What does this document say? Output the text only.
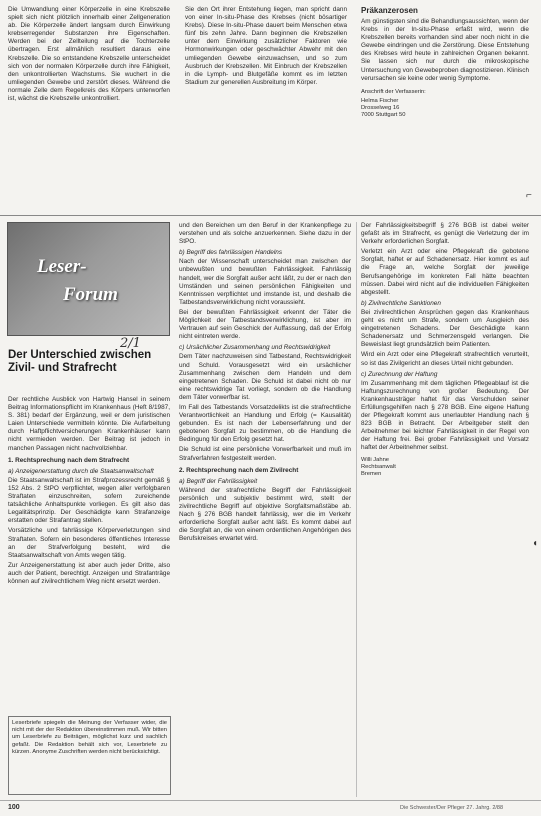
Die Umwandlung einer Körperzelle in eine Krebszelle spielt sich nicht plötzlich innerhalb einer Zellgeneration ab. Die Körperzelle ändert langsam durch Einwirkung krebserregender Substanzen ihre Eigenschaften. Werden bei der Zellteilung auf die Tochterzelle übertragen. Erst allmählich resultiert daraus eine Krebszelle. Die so entstandene Krebszelle unterscheidet sich von der normalen Körperzelle durch ihre Fähigkeit, den unkontrollierten Wachstums. Sie wuchert in die umliegenden Gewebe und zerstört dieses. Während die normale Zelle dem Regelkreis des Körpers unterworfen ist, wächst die Krebszelle unkontrolliert.
Sie den Ort ihrer Entstehung liegen, man spricht dann von einer In-situ-Phase des Krebses (nicht bösartiger Krebs). Diese In-situ-Phase dauert beim Menschen etwa fünf bis zehn Jahre. Dann beginnen die Krebszellen unter dem Einwirkung zusätzlicher Faktoren wie Hormonwirkungen oder geschwächter Abwehr mit den umliegenden Gewebe einzuwachsen, und so zum Ausbruch der Krebszellen. Mit Einbruch der Krebszellen in die Lymph- und Blutgefäße kommt es im letzten Stadium zur generellen Ausbreitung im Körper.
Präkanzerosen

Am günstigsten sind die Behandlungsaussichten, wenn der Krebs in der In-situ-Phase erfaßt wird, wenn die Krebszellen bereits vorhanden sind aber noch nicht in die Gewebe eindringen und die Zerstörung. Diese Entstehung des Krebses wird heute in zahlreichen Organen bekannt. Sie lassen sich nur durch die mikroskopische Untersuchung von Gewebeproben diagnostizieren. Klinisch verursachen sie keine oder wenig Symptome.

Anschrift der Verfasserin:

Helma Fischer
Drosselweg 16
7000 Stuttgart 50
⌐
Leser-
Forum
2/1
Der Unterschied zwischen Zivil- und Strafrecht

Der rechtliche Ausblick von Hartwig Hansel in seinem Beitrag Informationspflicht im Krankenhaus (Heft 8/1987, S. 381) bedarf der Ergänzung, weil er dem juristischen Laien Unterschiede vermitteln könnte. Die Aufarbeitung durch Haftpflichtversicherungen Krankenhäuser kann nicht vermieden werden. Der Beitrag ist jedoch in manchen Passagen nicht nachvollziehbar.

1. Rechtsprechung nach dem Strafrecht
a) Anzeigenerstattung durch die Staatsanwaltschaft

Die Staatsanwaltschaft ist im Strafprozessrecht gemäß § 152 Abs. 2 StPO verpflichtet, wegen aller verfolgbaren Straftaten einzuschreiten, sofern zureichende tatsächliche Anhaltspunkte vorliegen. Es gilt also das Legalitätsprinzip. Der Geschädigte kann Strafanzeige erstatten oder Strafantrag stellen.

Vorsätzliche und fahrlässige Körperverletzungen sind Straftaten. Sofern ein besonderes öffentliches Interesse an der Strafverfolgung besteht, wird die Staatsanwaltschaft von Amts wegen tätig.

Zur Anzeigenerstattung ist aber auch jeder Dritte, also auch der Patient, berechtigt. Anzeigen und Strafanträge können auf zivilrechtlichem Weg nicht ersetzt werden.

Leserbriefe spiegeln die Meinung der Verfasser wider, die nicht mit der der Redaktion übereinstimmen muß. Wir bitten um Leserbriefe zu Beiträgen, möglichst kurz und sachlich gefaßt. Die Redaktion behält sich vor, Leserbriefe zu kürzen. Anonyme Zuschriften werden nicht berücksichtigt.

und den Bereichen um den Beruf in der Krankenpflege zu verstehen und als solche anzuerkennen. Siehe dazu in der StPO.

b) Begriff des fahrlässigen Handelns

Nach der Wissenschaft unterscheidet man zwischen der unbewußten und bewußten Fahrlässigkeit. Fahrlässig handelt, wer die Sorgfalt außer acht läßt, zu der er nach den Umständen und seinen persönlichen Fähigkeiten und Kenntnissen verpflichtet und imstande ist, und deshalb die Tatbestandsverwirklichung nicht voraussieht.

Bei der bewußten Fahrlässigkeit erkennt der Täter die Möglichkeit der Tatbestandsverwirklichung, ist aber im Vertrauen auf sein Geschick der Auffassung, daß der Erfolg nicht eintreten werde.

c) Ursächlicher Zusammenhang und Rechtswidrigkeit

Dem Täter nachzuweisen sind Tatbestand, Rechtswidrigkeit und Schuld. Vorausgesetzt wird ein ursächlicher Zusammenhang zwischen dem Handeln und dem eingetretenen Schaden. Die Schuld ist dabei nicht ob nur eine rechtswidrige Tat vorliegt, sondern ob die Handlung dem Täter vorwerfbar ist.

Im Fall des Tatbestands Vorsatzdelikts ist die strafrechtliche Verantwortlichkeit an Handlung und Erfolg (= Kausalität) gebunden. Es ist nach der Lebenserfahrung und der gebotenen Sorgfalt zu bestimmen, ob die Handlung die Bedingung für den Erfolg gesetzt hat.

Die Schuld ist eine persönliche Vorwerfbarkeit und muß im Strafverfahren festgestellt werden.

2. Rechtsprechung nach dem Zivilrecht
a) Begriff der Fahrlässigkeit

Während der strafrechtliche Begriff der Fahrlässigkeit persönlich und subjektiv bestimmt wird, stellt der zivilrechtliche Begriff auf objektive Sorgfaltsmaßstäbe ab. Nach § 276 BGB handelt fahrlässig, wer die im Verkehr erforderliche Sorgfalt außer acht läßt. Es kommt dabei auf die Sorgfalt an, die von einem ordentlichen Angehörigen des Berufskreises erwartet wird.

Der Fahrlässigkeitsbegriff § 276 BGB ist dabei weiter gefaßt als im Strafrecht, es genügt die Verletzung der im Verkehr erforderlichen Sorgfalt.

Verletzt ein Arzt oder eine Pflegekraft die gebotene Sorgfalt, haftet er auf Schadenersatz. Hier kommt es auf die Frage an, welche Sorgfalt der jeweilige Berufsangehörige im konkreten Fall hätte beachten müssen. Dabei wird nicht auf die individuellen Fähigkeiten abgestellt.

b) Zivilrechtliche Sanktionen

Bei zivilrechtlichen Ansprüchen gegen das Krankenhaus geht es nicht um Strafe, sondern um Ausgleich des eingetretenen Schadens. Der Geschädigte kann Schadenersatz und Schmerzensgeld verlangen. Die Beweislast liegt grundsätzlich beim Patienten.

Wird ein Arzt oder eine Pflegekraft strafrechtlich verurteilt, so ist das Zivilgericht an dieses Urteil nicht gebunden.

c) Zurechnung der Haftung

Im Zusammenhang mit dem täglichen Pflegeablauf ist die Haftungszurechnung von großer Bedeutung. Der Krankenhausträger haftet für das Verschulden seiner Erfüllungsgehilfen nach § 278 BGB. Eine eigene Haftung der Pflegekraft kommt aus unerlaubter Handlung nach § 823 BGB in Betracht. Der Arbeitgeber stellt den Arbeitnehmer bei leichter Fahrlässigkeit in der Regel von der Haftung frei. Bei grober Fahrlässigkeit und Vorsatz haftet der Arbeitnehmer selbst.

Willi Jahne
Rechtsanwalt
Bremen
◖
100	Die Schwester/Der Pfleger 27. Jahrg. 2/88
